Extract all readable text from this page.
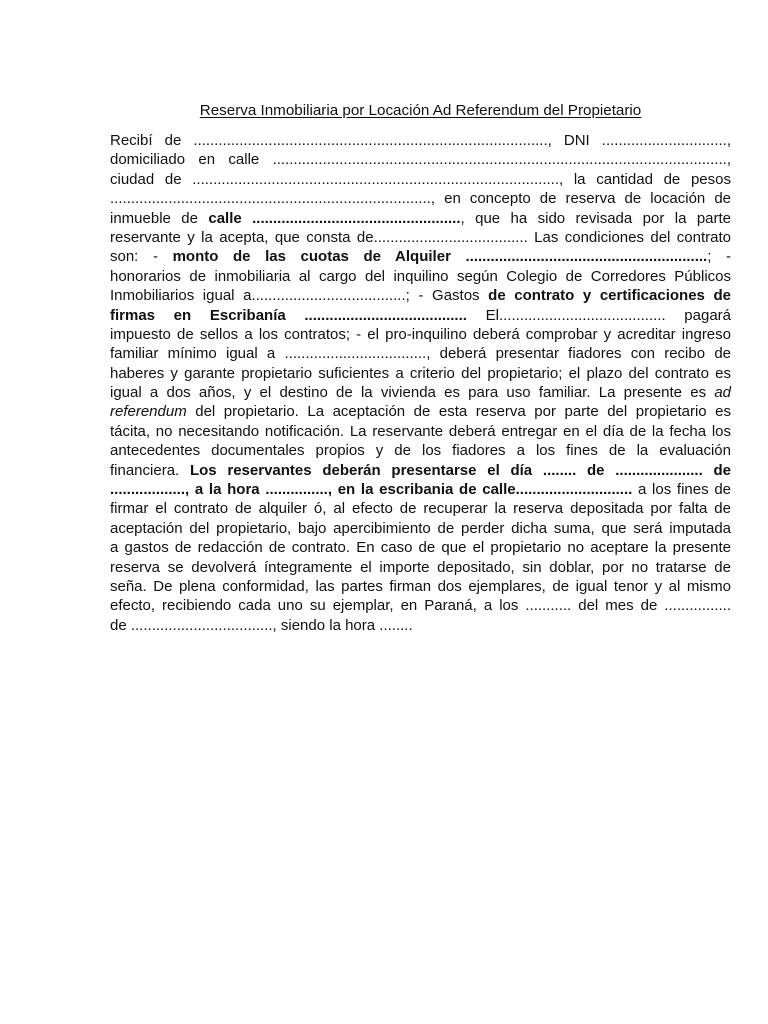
Reserva Inmobiliaria por Locación Ad Referendum del Propietario
Recibí de ....................................................................................., DNI ..............................,
domiciliado en calle .............................................................................................................,
ciudad de ........................................................................................, la cantidad de pesos
............................................................................., en concepto de reserva de locación de
inmueble de calle .................................................., que ha sido revisada por la parte
reservante y la acepta, que consta de..................................... Las condiciones del contrato
son: - monto de las cuotas de Alquiler ..........................................................; -
honorarios de inmobiliaria al cargo del inquilino según Colegio de Corredores Públicos
Inmobiliarios igual a.....................................; - Gastos de contrato y certificaciones de
firmas en Escribanía ....................................... El........................................ pagará
impuesto de sellos a los contratos; - el pro-inquilino deberá comprobar y acreditar ingreso
familiar mínimo igual a .................................., deberá presentar fiadores con recibo de
haberes y garante propietario suficientes a criterio del propietario; el plazo del contrato es
igual a dos años, y el destino de la vivienda es para uso familiar. La presente es ad
referendum del propietario. La aceptación de esta reserva por parte del propietario es
tácita, no necesitando notificación. La reservante deberá entregar en el día de la fecha los
antecedentes documentales propios y de los fiadores a los fines de la evaluación
financiera. Los reservantes deberán presentarse el día ........ de ..................... de
.................., a la hora ..............., en la escribania de calle............................ a los fines de
firmar el contrato de alquiler ó, al efecto de recuperar la reserva depositada por falta de
aceptación del propietario, bajo apercibimiento de perder dicha suma, que será imputada
a gastos de redacción de contrato. En caso de que el propietario no aceptare la presente
reserva se devolverá íntegramente el importe depositado, sin doblar, por no tratarse de
seña. De plena conformidad, las partes firman dos ejemplares, de igual tenor y al mismo
efecto, recibiendo cada uno su ejemplar, en Paraná, a los ........... del mes de ................
de .................................., siendo la hora ........
